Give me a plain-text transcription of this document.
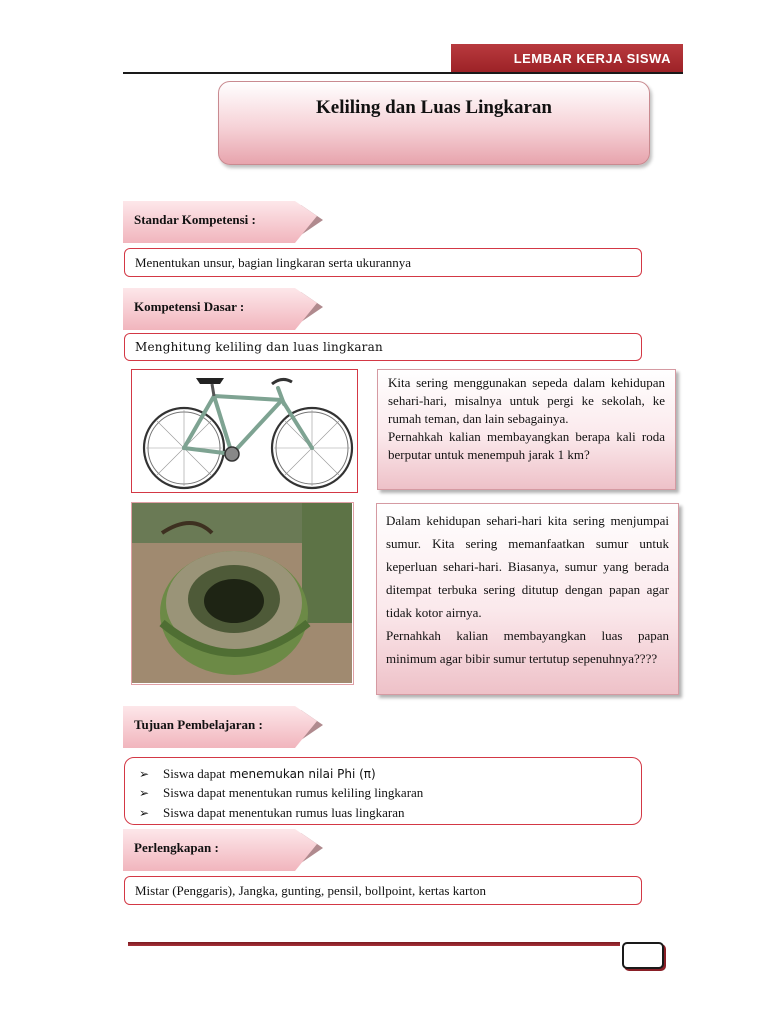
LEMBAR KERJA SISWA
Keliling dan Luas Lingkaran
Standar Kompetensi :
Menentukan unsur, bagian lingkaran serta ukurannya
Kompetensi Dasar :
Menghitung keliling dan luas lingkaran

Kita sering menggunakan sepeda dalam kehidupan sehari-hari, misalnya untuk pergi ke sekolah, ke rumah teman, dan lain sebagainya.

Pernahkah kalian membayangkan berapa kali roda berputar untuk menempuh jarak 1 km?

Dalam kehidupan sehari-hari kita sering menjumpai sumur. Kita sering memanfaatkan sumur untuk keperluan sehari-hari. Biasanya, sumur yang berada ditempat terbuka sering ditutup dengan papan agar tidak kotor airnya.

Pernahkah kalian membayangkan luas papan minimum agar bibir sumur tertutup sepenuhnya????

Tujuan Pembelajaran :
➢	Siswa dapat menemukan nilai Phi (π)
➢	Siswa dapat menentukan rumus keliling lingkaran
➢	Siswa dapat menentukan rumus luas lingkaran
Perlengkapan :
Mistar (Penggaris), Jangka, gunting, pensil, bollpoint, kertas karton
